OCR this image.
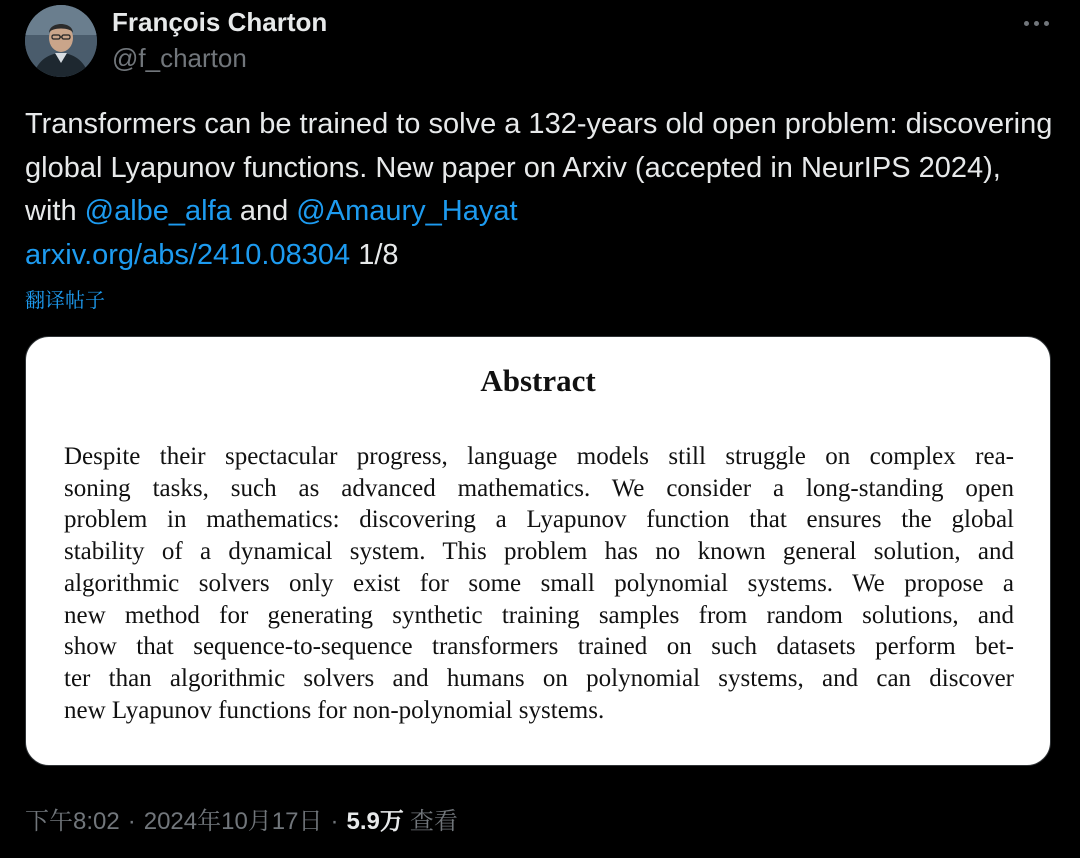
François Charton
@f_charton
Transformers can be trained to solve a 132-years old open problem: discovering global Lyapunov functions. New paper on Arxiv (accepted in NeurIPS 2024), with @albe_alfa and @Amaury_Hayat
arxiv.org/abs/2410.08304 1/8
翻译帖子
Abstract
Despite their spectacular progress, language models still struggle on complex rea-
soning tasks, such as advanced mathematics. We consider a long-standing open
problem in mathematics: discovering a Lyapunov function that ensures the global
stability of a dynamical system. This problem has no known general solution, and
algorithmic solvers only exist for some small polynomial systems. We propose a
new method for generating synthetic training samples from random solutions, and
show that sequence-to-sequence transformers trained on such datasets perform bet-
ter than algorithmic solvers and humans on polynomial systems, and can discover
new Lyapunov functions for non-polynomial systems.
下午8:02 · 2024年10月17日 · 5.9万 查看
